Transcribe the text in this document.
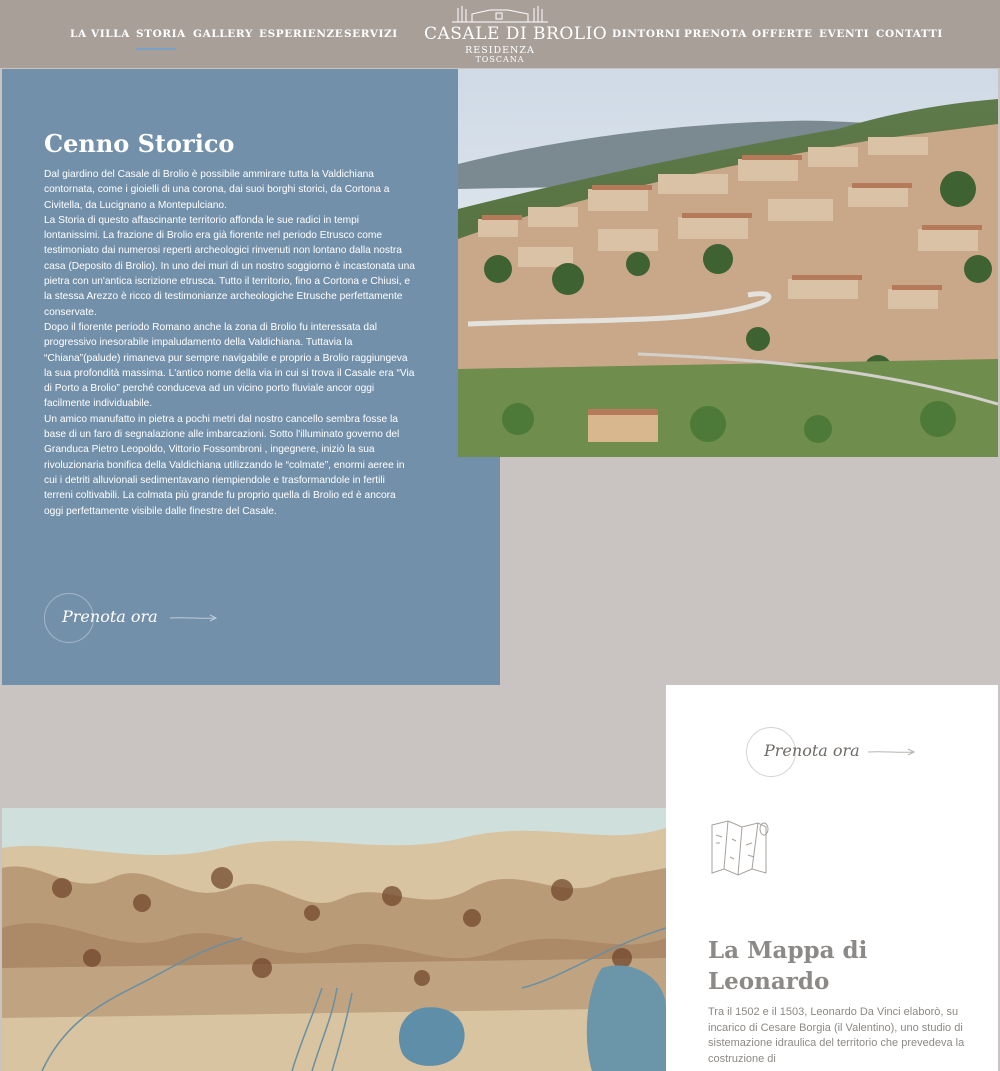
LA VILLA STORIA GALLERY ESPERIENZE SERVIZI CASALE DI BROLIO
RESIDENZA
TOSCANA
DINTORNI PRENOTA OFFERTE EVENTI CONTATTI
Cenno Storico

Dal giardino del Casale di Brolio è possibile ammirare tutta la Valdichiana contornata, come i gioielli di una corona, dai suoi borghi storici, da Cortona a Civitella, da Lucignano a Montepulciano.

La Storia di questo affascinante territorio affonda le sue radici in tempi lontanissimi. La frazione di Brolio era già fiorente nel periodo Etrusco come testimoniato dai numerosi reperti archeologici rinvenuti non lontano dalla nostra casa (Deposito di Brolio). In uno dei muri di un nostro soggiorno è incastonata una pietra con un'antica iscrizione etrusca. Tutto il territorio, fino a Cortona e Chiusi, e la stessa Arezzo è ricco di testimonianze archeologiche Etrusche perfettamente conservate.

Dopo il fiorente periodo Romano anche la zona di Brolio fu interessata dal progressivo inesorabile impaludamento della Valdichiana. Tuttavia la “Chiana”(palude) rimaneva pur sempre navigabile e proprio a Brolio raggiungeva la sua profondità massima. L'antico nome della via in cui si trova il Casale era “Via di Porto a Brolio” perché conduceva ad un vicino porto fluviale ancor oggi facilmente individuabile.

Un amico manufatto in pietra a pochi metri dal nostro cancello sembra fosse la base di un faro di segnalazione alle imbarcazioni. Sotto l'illuminato governo del Granduca Pietro Leopoldo, Vittorio Fossombroni , ingegnere, iniziò la sua rivoluzionaria bonifica della Valdichiana utilizzando le “colmate”, enormi aeree in cui i detriti alluvionali sedimentavano riempiendole e trasformandole in fertili terreni coltivabili. La colmata più grande fu proprio quella di Brolio ed è ancora oggi perfettamente visibile dalle finestre del Casale.

Prenota ora
Prenota ora
La Mappa di Leonardo

Tra il 1502 e il 1503, Leonardo Da Vinci elaborò, su incarico di Cesare Borgia (il Valentino), uno studio di sistemazione idraulica del territorio che prevedeva la costruzione di
